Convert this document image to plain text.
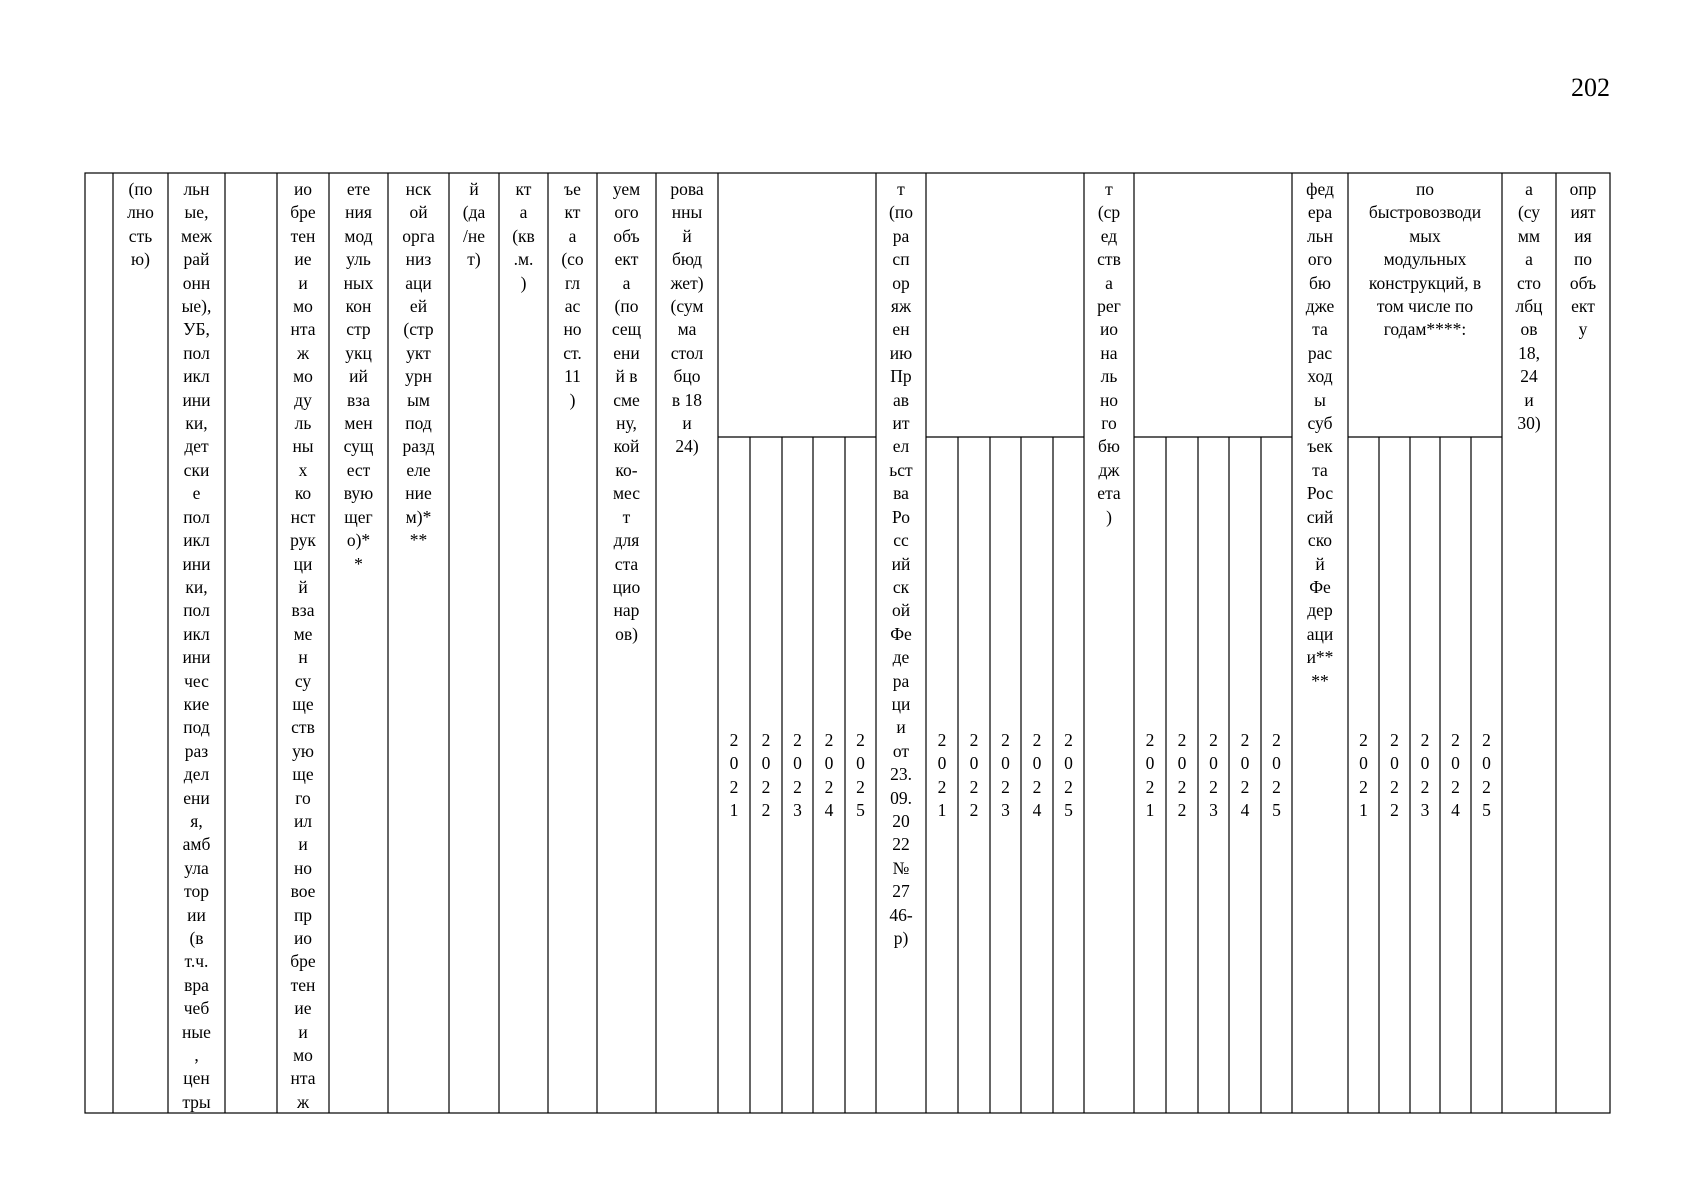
202
(по
лно
сть
ю)
льн
ые,
меж
рай
онн
ые),
УБ,
пол
икл
ини
ки,
дет
ски
е
пол
икл
ини
ки,
пол
икл
ини
чес
кие
под
раз
дел
ени
я,
амб
ула
тор
ии
(в
т.ч.
вра
чеб
ные
,
цен
тры
ио
бре
тен
ие
и
мо
нта
ж
мо
ду
ль
ны
х
ко
нст
рук
ци
й
вза
ме
н
су
ще
ств
ую
ще
го
ил
и
но
вое
пр
ио
бре
тен
ие
и
мо
нта
ж
ете
ния
мод
уль
ных
кон
стр
укц
ий
вза
мен
сущ
ест
вую
щег
о)*
*
нск
ой
орга
низ
аци
ей
(стр
укт
урн
ым
под
разд
еле
ние
м)*
**
й
(да
/не
т)
кт
а
(кв
.м.
)
ъе
кт
а
(со
гл
ас
но
ст.
11
)
уем
ого
объ
ект
а
(по
сещ
ени
й в
сме
ну,
кой
ко-
мес
т
для
ста
цио
нар
ов)
рова
нны
й
бюд
жет)
(сум
ма
стол
бцо
в 18
и
24)
т
(по
ра
сп
ор
яж
ен
ию
Пр
ав
ит
ел
ьст
ва
Ро
сс
ий
ск
ой
Фе
де
ра
ци
и
от
23.
09.
20
22
№
27
46-
р)
т
(ср
ед
ств
а
рег
ио
на
ль
но
го
бю
дж
ета
)
фед
ера
льн
ого
бю
дже
та
рас
ход
ы
суб
ъек
та
Рос
сий
ско
й
Фе
дер
аци
и**
**
по
быстровозводи
мых
модульных
конструкций, в
том числе по
годам****:
а
(су
мм
а
сто
лбц
ов
18,
24
и
30)
опр
ият
ия
по
объ
ект
у
2
0
2
1
2
0
2
2
2
0
2
3
2
0
2
4
2
0
2
5
2
0
2
1
2
0
2
2
2
0
2
3
2
0
2
4
2
0
2
5
2
0
2
1
2
0
2
2
2
0
2
3
2
0
2
4
2
0
2
5
2
0
2
1
2
0
2
2
2
0
2
3
2
0
2
4
2
0
2
5
